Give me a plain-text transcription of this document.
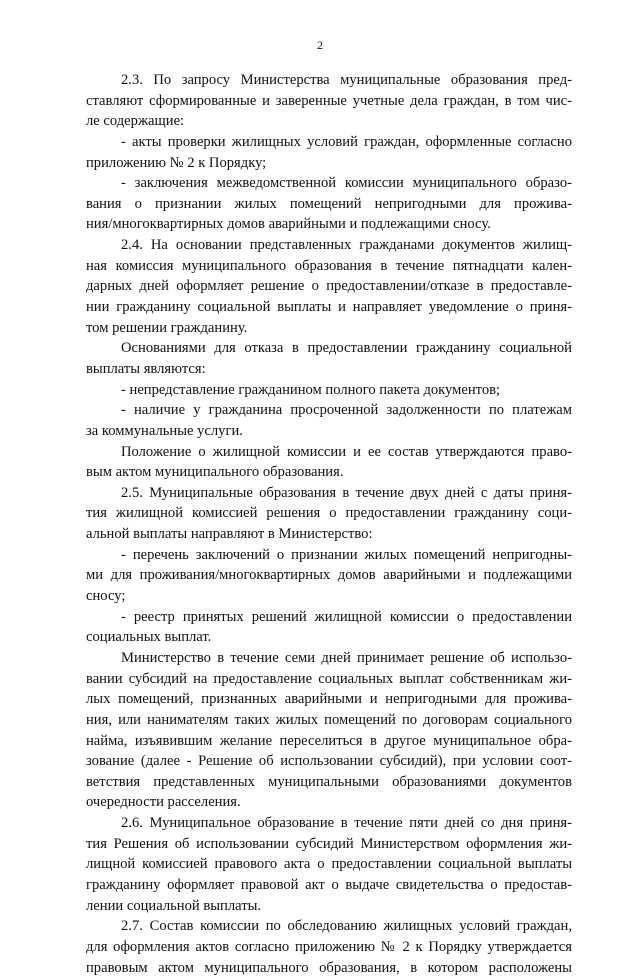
2
2.3. По запросу Министерства муниципальные образования пред-
ставляют сформированные и заверенные учетные дела граждан, в том чис-
ле содержащие:
- акты проверки жилищных условий граждан, оформленные согласно
приложению № 2 к Порядку;
- заключения межведомственной комиссии муниципального образо-
вания о признании жилых помещений непригодными для прожива-
ния/многоквартирных домов аварийными и подлежащими сносу.
2.4. На основании представленных гражданами документов жилищ-
ная комиссия муниципального образования в течение пятнадцати кален-
дарных дней оформляет решение о предоставлении/отказе в предоставле-
нии гражданину социальной выплаты и направляет уведомление о приня-
том решении гражданину.
Основаниями для отказа в предоставлении гражданину социальной
выплаты являются:
- непредставление гражданином полного пакета документов;
- наличие у гражданина просроченной задолженности по платежам
за коммунальные услуги.
Положение о жилищной комиссии и ее состав утверждаются право-
вым актом муниципального образования.
2.5. Муниципальные образования в течение двух дней с даты приня-
тия жилищной комиссией решения о предоставлении гражданину соци-
альной выплаты направляют в Министерство:
- перечень заключений о признании жилых помещений непригодны-
ми для проживания/многоквартирных домов аварийными и подлежащими
сносу;
- реестр принятых решений жилищной комиссии о предоставлении
социальных выплат.
Министерство в течение семи дней принимает решение об использо-
вании субсидий на предоставление социальных выплат собственникам жи-
лых помещений, признанных аварийными и непригодными для прожива-
ния, или нанимателям таких жилых помещений по договорам социального
найма, изъявившим желание переселиться в другое муниципальное обра-
зование (далее - Решение об использовании субсидий), при условии соот-
ветствия представленных муниципальными образованиями документов
очередности расселения.
2.6. Муниципальное образование в течение пяти дней со дня приня-
тия Решения об использовании субсидий Министерством оформления жи-
лищной комиссией правового акта о предоставлении социальной выплаты
гражданину оформляет правовой акт о выдаче свидетельства о предостав-
лении социальной выплаты.
2.7. Состав комиссии по обследованию жилищных условий граждан,
для оформления актов согласно приложению № 2 к Порядку утверждается
правовым актом муниципального образования, в котором расположены
